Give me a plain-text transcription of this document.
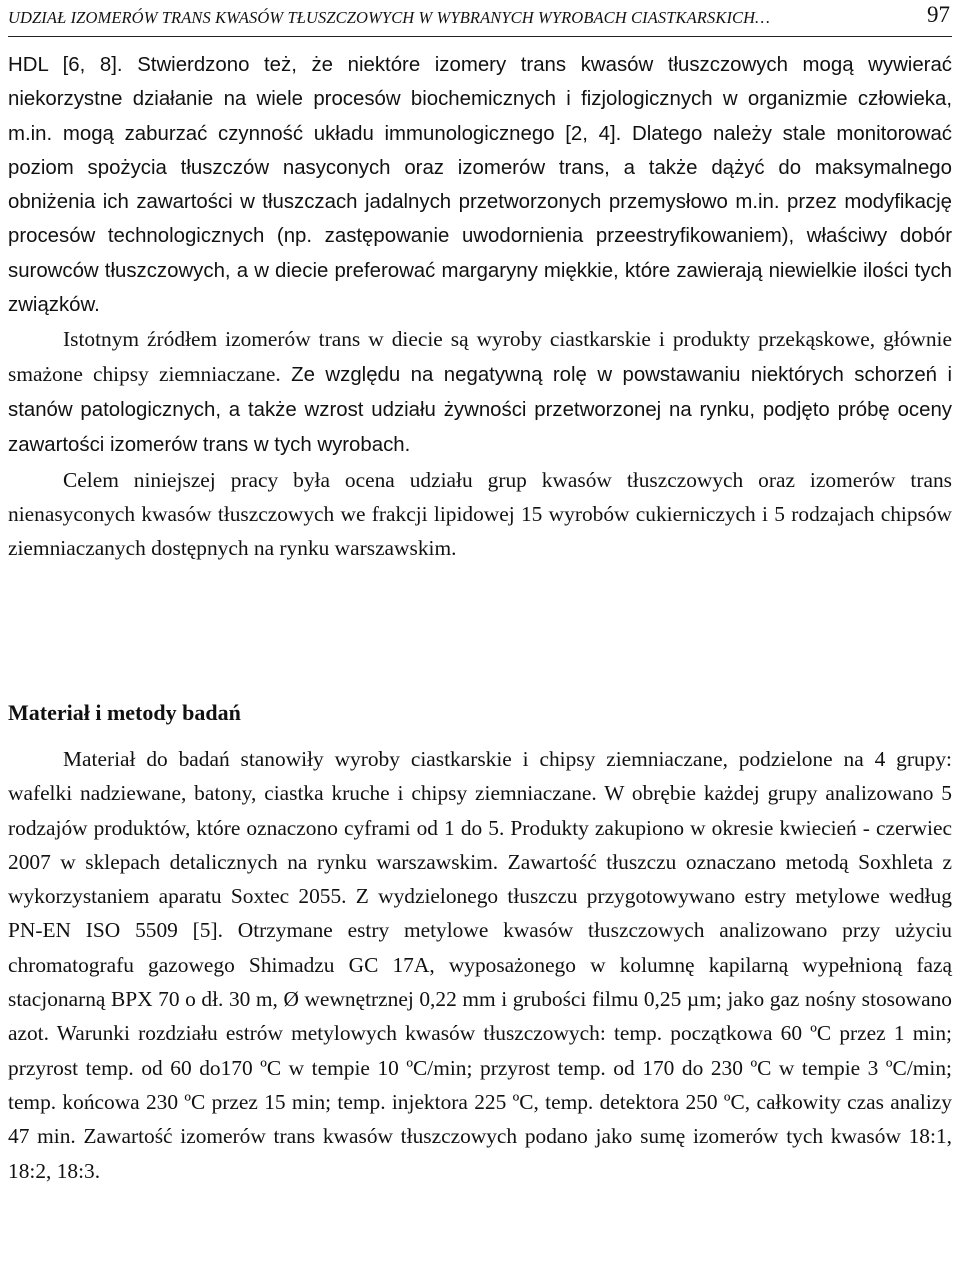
UDZIAŁ IZOMERÓW TRANS KWASÓW TŁUSZCZOWYCH W WYBRANYCH WYROBACH CIASTKARSKICH…	97

HDL [6, 8]. Stwierdzono też, że niektóre izomery trans kwasów tłuszczowych mogą wywierać niekorzystne działanie na wiele procesów biochemicznych i fizjologicznych w organizmie człowieka, m.in. mogą zaburzać czynność układu immunologicznego [2, 4]. Dlatego należy stale monitorować poziom spożycia tłuszczów nasyconych oraz izomerów trans, a także dążyć do maksymalnego obniżenia ich zawartości w tłuszczach jadalnych przetworzonych przemysłowo m.in. przez modyfikację procesów technologicznych (np. zastępowanie uwodornienia przeestryfikowaniem), właściwy dobór surowców tłuszczowych, a w diecie preferować margaryny miękkie, które zawierają niewielkie ilości tych związków.

Istotnym źródłem izomerów trans w diecie są wyroby ciastkarskie i produkty przekąskowe, głównie smażone chipsy ziemniaczane. Ze względu na negatywną rolę w powstawaniu niektórych schorzeń i stanów patologicznych, a także wzrost udziału żywności przetworzonej na rynku, podjęto próbę oceny zawartości izomerów trans w tych wyrobach.

Celem niniejszej pracy była ocena udziału grup kwasów tłuszczowych oraz izomerów trans nienasyconych kwasów tłuszczowych we frakcji lipidowej 15 wyrobów cukierniczych i 5 rodzajach chipsów ziemniaczanych dostępnych na rynku warszawskim.

Materiał i metody badań

Materiał do badań stanowiły wyroby ciastkarskie i chipsy ziemniaczane, podzielone na 4 grupy: wafelki nadziewane, batony, ciastka kruche i chipsy ziemniaczane. W obrębie każdej grupy analizowano 5 rodzajów produktów, które oznaczono cyframi od 1 do 5. Produkty zakupiono w okresie kwiecień - czerwiec 2007 w sklepach detalicznych na rynku warszawskim. Zawartość tłuszczu oznaczano metodą Soxhleta z wykorzystaniem aparatu Soxtec 2055. Z wydzielonego tłuszczu przygotowywano estry metylowe według PN-EN ISO 5509 [5]. Otrzymane estry metylowe kwasów tłuszczowych analizowano przy użyciu chromatografu gazowego Shimadzu GC 17A, wyposażonego w kolumnę kapilarną wypełnioną fazą stacjonarną BPX 70 o dł. 30 m, Ø wewnętrznej 0,22 mm i grubości filmu 0,25 µm; jako gaz nośny stosowano azot. Warunki rozdziału estrów metylowych kwasów tłuszczowych: temp. początkowa 60 ºC przez 1 min; przyrost temp. od 60 do170 ºC w tempie 10 ºC/min; przyrost temp. od 170 do 230 ºC w tempie 3 ºC/min; temp. końcowa 230 ºC przez 15 min; temp. injektora 225 ºC, temp. detektora 250 ºC, całkowity czas analizy 47 min. Zawartość izomerów trans kwasów tłuszczowych podano jako sumę izomerów tych kwasów 18:1, 18:2, 18:3.
